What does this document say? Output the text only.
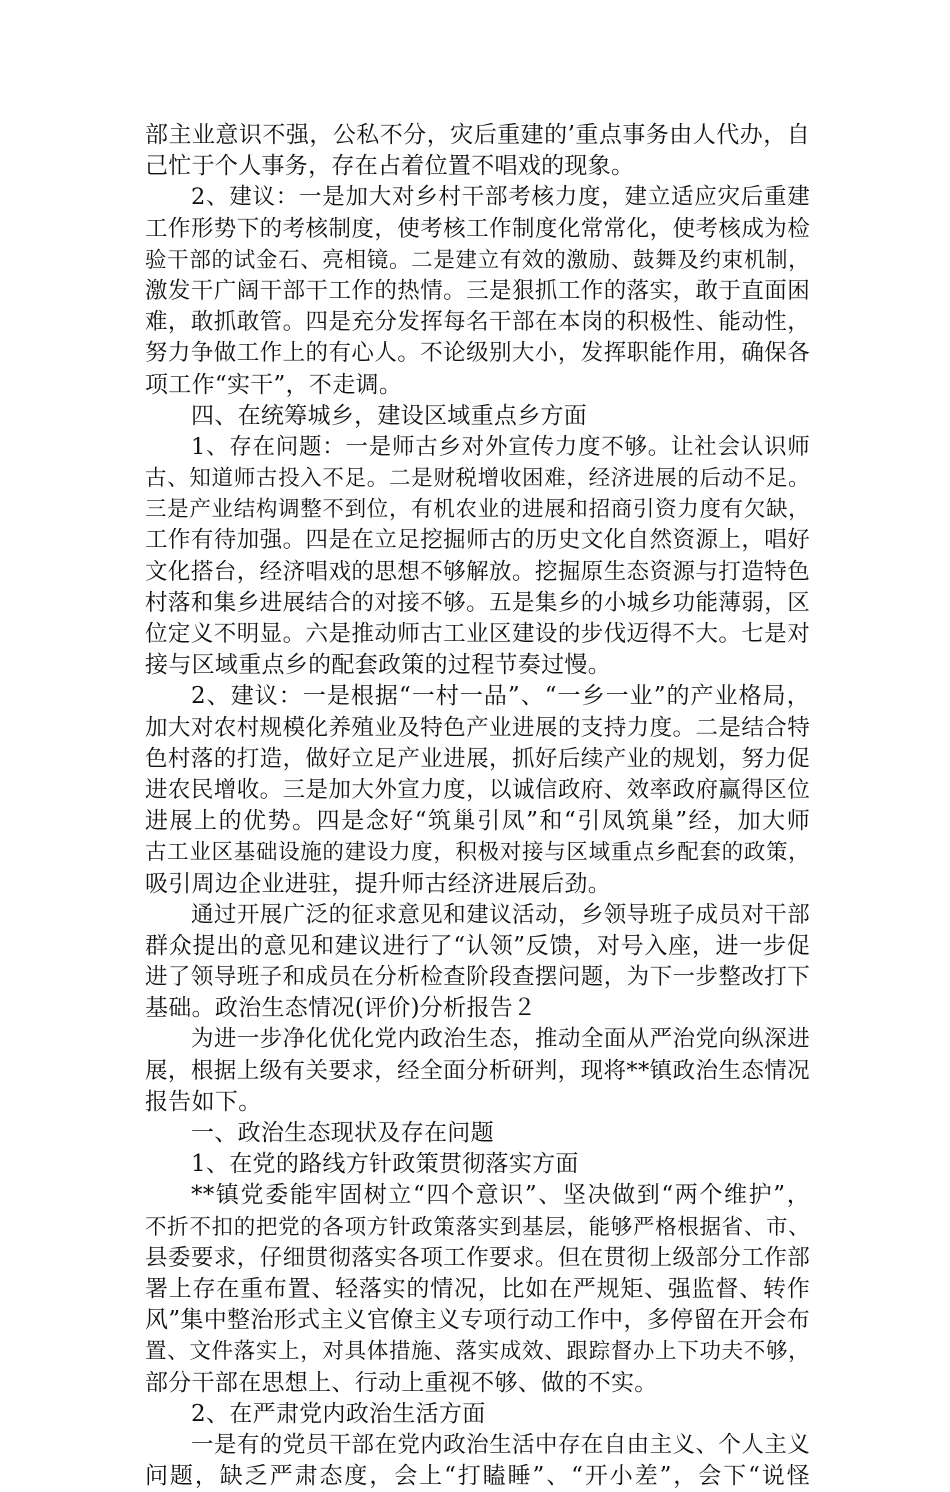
部主业意识不强，公私不分，灾后重建的’重点事务由人代办，自
己忙于个人事务，存在占着位置不唱戏的现象。
2、建议：一是加大对乡村干部考核力度，建立适应灾后重建
工作形势下的考核制度，使考核工作制度化常常化，使考核成为检
验干部的试金石、亮相镜。二是建立有效的激励、鼓舞及约束机制，
激发干广阔干部干工作的热情。三是狠抓工作的落实，敢于直面困
难，敢抓敢管。四是充分发挥每名干部在本岗的积极性、能动性，
努力争做工作上的有心人。不论级别大小，发挥职能作用，确保各
项工作“实干”，不走调。
四、在统筹城乡，建设区域重点乡方面
1、存在问题：一是师古乡对外宣传力度不够。让社会认识师
古、知道师古投入不足。二是财税增收困难，经济进展的后动不足。
三是产业结构调整不到位，有机农业的进展和招商引资力度有欠缺，
工作有待加强。四是在立足挖掘师古的历史文化自然资源上，唱好
文化搭台，经济唱戏的思想不够解放。挖掘原生态资源与打造特色
村落和集乡进展结合的对接不够。五是集乡的小城乡功能薄弱，区
位定义不明显。六是推动师古工业区建设的步伐迈得不大。七是对
接与区域重点乡的配套政策的过程节奏过慢。
2、建议：一是根据“一村一品”、“一乡一业”的产业格局，
加大对农村规模化养殖业及特色产业进展的支持力度。二是结合特
色村落的打造，做好立足产业进展，抓好后续产业的规划，努力促
进农民增收。三是加大外宣力度，以诚信政府、效率政府赢得区位
进展上的优势。四是念好“筑巢引凤”和“引凤筑巢”经，加大师
古工业区基础设施的建设力度，积极对接与区域重点乡配套的政策，
吸引周边企业进驻，提升师古经济进展后劲。
通过开展广泛的征求意见和建议活动，乡领导班子成员对干部
群众提出的意见和建议进行了“认领”反馈，对号入座，进一步促
进了领导班子和成员在分析检查阶段查摆问题，为下一步整改打下
基础。政治生态情况(评价)分析报告２
为进一步净化优化党内政治生态，推动全面从严治党向纵深进
展，根据上级有关要求，经全面分析研判，现将**镇政治生态情况
报告如下。
一、政治生态现状及存在问题
1、在党的路线方针政策贯彻落实方面
**镇党委能牢固树立“四个意识”、坚决做到“两个维护”，
不折不扣的把党的各项方针政策落实到基层，能够严格根据省、市、
县委要求，仔细贯彻落实各项工作要求。但在贯彻上级部分工作部
署上存在重布置、轻落实的情况，比如在严规矩、强监督、转作
风”集中整治形式主义官僚主义专项行动工作中，多停留在开会布
置、文件落实上，对具体措施、落实成效、跟踪督办上下功夫不够，
部分干部在思想上、行动上重视不够、做的不实。
2、在严肃党内政治生活方面
一是有的党员干部在党内政治生活中存在自由主义、个人主义
问题，缺乏严肃态度，会上“打瞌睡”、“开小差”，会下“说怪
